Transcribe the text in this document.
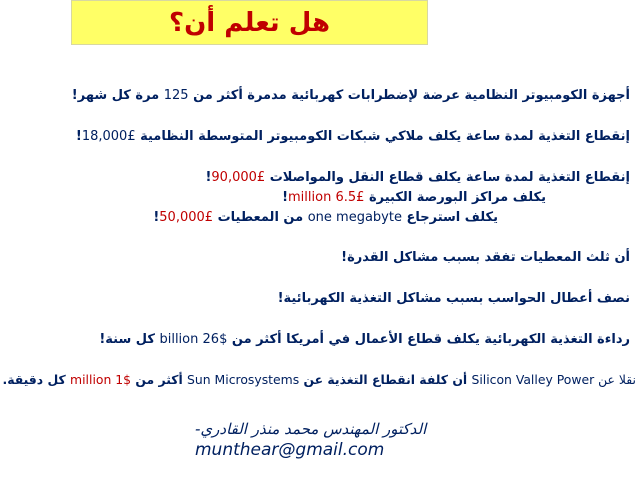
هل تعلم أن؟
أجهزة الكومبيوتر النظامية عرضة لإضطرابات كهربائية مدمرة أكثر من 125 مرة كل شهر!
إنقطاع التغذية لمدة ساعة يكلف ملاكي شبكات الكومبيوتر المتوسطة النظامية £18,000!
إنقطاع التغذية لمدة ساعة يكلف قطاع النقل والمواصلات £90,000!
يكلف مراكز البورصة الكبيرة £6.5 million!
يكلف استرجاع one megabyte من المعطيات £50,000!
أن ثلث المعطيات تفقد بسبب مشاكل القدرة!
نصف أعطال الحواسب بسبب مشاكل التغذية الكهربائية!
رداءة التغذية الكهربائية يكلف قطاع الأعمال في أمريكا أكثر من $26 billion كل سنة!
نقلا عن Silicon Valley Power أن كلفة انقطاع التغذية عن Sun Microsystems أكثر من $1 million كل دقيقة.
الدكتور المهندس محمد منذر القادري-
munthear@gmail.com
